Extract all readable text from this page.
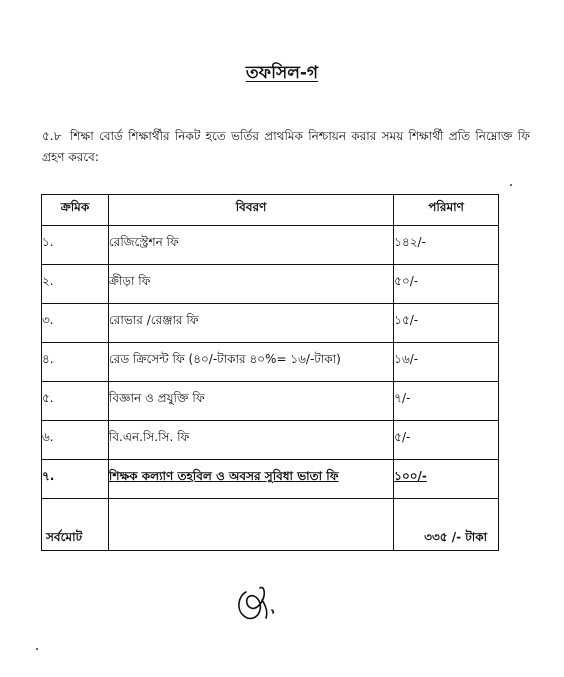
তফসিল-গ
৫.৮ শিক্ষা বোর্ড শিক্ষার্থীর নিকট হতে ভর্তির প্রাথমিক নিশ্চায়ন করার সময় শিক্ষার্থী প্রতি নিম্নোক্ত ফি গ্রহণ করবে:
ক্রমিক	বিবরণ	পরিমাণ
১.	রেজিস্ট্রেশন ফি	১৪২/-
২.	ক্রীড়া ফি	৫০/-
৩.	রোভার /রেঞ্জার ফি	১৫/-
৪.	রেড ক্রিসেন্ট ফি (৪০/-টাকার ৪০%= ১৬/-টাকা)	১৬/-
৫.	বিজ্ঞান ও প্রযুক্তি ফি	৭/-
৬.	বি.এন.সি.সি. ফি	৫/-
৭.	শিক্ষক কল্যাণ তহবিল ও অবসর সুবিধা ভাতা ফি	১০০/-
সর্বমোট		৩৩৫ /- টাকা
